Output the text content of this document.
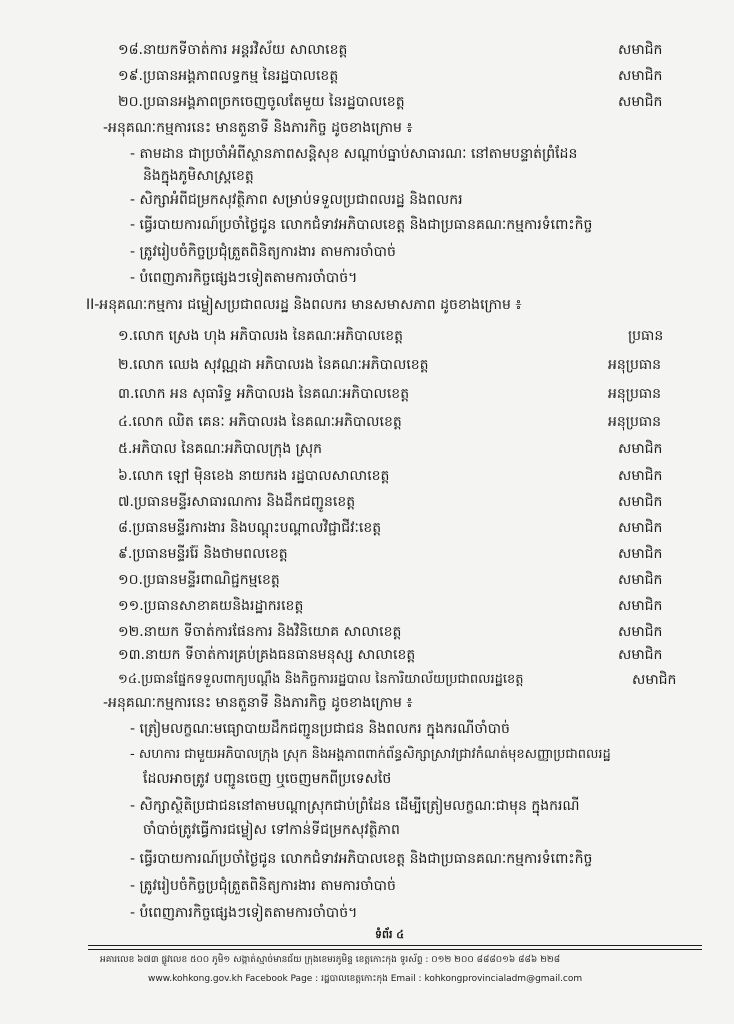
១៨.នាយកទីចាត់ការ អន្តរវិស័យ សាលាខេត្ត	សមាជិក
១៩.ប្រធានអង្គភាពលទ្ធកម្ម នៃរដ្ឋបាលខេត្ត	សមាជិក
២០.ប្រធានអង្គភាពច្រកចេញចូលតែមួយ នៃរដ្ឋបាលខេត្ត	សមាជិក
-អនុគណៈកម្មការនេះ មានតួនាទី និងភារកិច្ច ដូចខាងក្រោម ៖
- តាមដាន ជាប្រចាំអំពីស្ថានភាពសន្តិសុខ សណ្តាប់ធ្នាប់សាធារណៈ នៅតាមបន្ទាត់ព្រំដែន
និងក្នុងភូមិសាស្ត្រខេត្ត
- សិក្សាអំពីជម្រកសុវត្ថិភាព សម្រាប់ទទួលប្រជាពលរដ្ឋ និងពលករ
- ធ្វើរបាយការណ៍ប្រចាំថ្ងៃជូន លោកជំទាវអភិបាលខេត្ត និងជាប្រធានគណៈកម្មការទំពោះកិច្ច
- ត្រូវរៀបចំកិច្ចប្រជុំត្រួតពិនិត្យការងារ តាមការចាំបាច់
- បំពេញភារកិច្ចផ្សេងៗទៀតតាមការចាំបាច់។
II-អនុគណៈកម្មការ ជម្លៀសប្រជាពលរដ្ឋ និងពលករ មានសមាសភាព ដូចខាងក្រោម ៖
១.លោក ស្រេង ហុង អភិបាលរង នៃគណៈអភិបាលខេត្ត	ប្រធាន
២.លោក ឈេង សុវណ្ណដា អភិបាលរង នៃគណៈអភិបាលខេត្ត	អនុប្រធាន
៣.លោក អន សុធារិទ្ធ អភិបាលរង នៃគណៈអភិបាលខេត្ត	អនុប្រធាន
៤.លោក ឈិត គេនៈ អភិបាលរង នៃគណៈអភិបាលខេត្ត	អនុប្រធាន
៥.អភិបាល នៃគណៈអភិបាលក្រុង ស្រុក	សមាជិក
៦.លោក ឡៅ ម៉ិនខេង នាយករង រដ្ឋបាលសាលាខេត្ត	សមាជិក
៧.ប្រធានមន្ទីរសាធារណការ និងដឹកជញ្ជូនខេត្ត	សមាជិក
៨.ប្រធានមន្ទីរការងារ និងបណ្តុះបណ្តាលវិជ្ជាជីវៈខេត្ត	សមាជិក
៩.ប្រធានមន្ទីររ៉ែ និងថាមពលខេត្ត	សមាជិក
១០.ប្រធានមន្ទីរពាណិជ្ជកម្មខេត្ត	សមាជិក
១១.ប្រធានសាខាគយនិងរដ្ឋាករខេត្ត	សមាជិក
១២.នាយក ទីចាត់ការផែនការ និងវិនិយោគ សាលាខេត្ត	សមាជិក
១៣.នាយក ទីចាត់ការគ្រប់គ្រងធនធានមនុស្ស សាលាខេត្ត	សមាជិក
១៤.ប្រធានផ្នែកទទួលពាក្យបណ្តឹង និងកិច្ចការរដ្ឋបាល នៃការិយាល័យប្រជាពលរដ្ឋខេត្ត	សមាជិក
-អនុគណៈកម្មការនេះ មានតួនាទី និងភារកិច្ច ដូចខាងក្រោម ៖
- ត្រៀមលក្ខណៈមធ្យោបាយដឹកជញ្ជូនប្រជាជន និងពលករ ក្នុងករណីចាំបាច់
- សហការ ជាមួយអភិបាលក្រុង ស្រុក និងអង្គភាពពាក់ព័ន្ធសិក្សាស្រាវជ្រាវកំណត់មុខសញ្ញាប្រជាពលរដ្ឋ
ដែលអាចត្រូវ បញ្ជូនចេញ ឬចេញមកពីប្រទេសថៃ
- សិក្សាស្ថិតិប្រជាជននៅតាមបណ្តាស្រុកជាប់ព្រំដែន ដើម្បីត្រៀមលក្ខណៈជាមុន ក្នុងករណី
ចាំបាច់ត្រូវធ្វើការជម្លៀស ទៅកាន់ទីជម្រកសុវត្ថិភាព
- ធ្វើរបាយការណ៍ប្រចាំថ្ងៃជូន លោកជំទាវអភិបាលខេត្ត និងជាប្រធានគណៈកម្មការទំពោះកិច្ច
- ត្រូវរៀបចំកិច្ចប្រជុំត្រួតពិនិត្យការងារ តាមការចាំបាច់
- បំពេញភារកិច្ចផ្សេងៗទៀតតាមការចាំបាច់។
ទំព័រ ៤
អគារលេខ ៦៧៣ ផ្លូវលេខ ៥០០ ភូមិ១ សង្កាត់ស្មាច់មានជ័យ ក្រុងខេមរភូមិន្ទ ខេត្តកោះកុង ទូរស័ព្ទ : ០១២ ២០០ ៨៨៨០១៦ ៨៨៦ ២២៨
www.kohkong.gov.kh Facebook Page : រដ្ឋបាលខេត្តកោះកុង Email : kohkongprovincialadm@gmail.com
